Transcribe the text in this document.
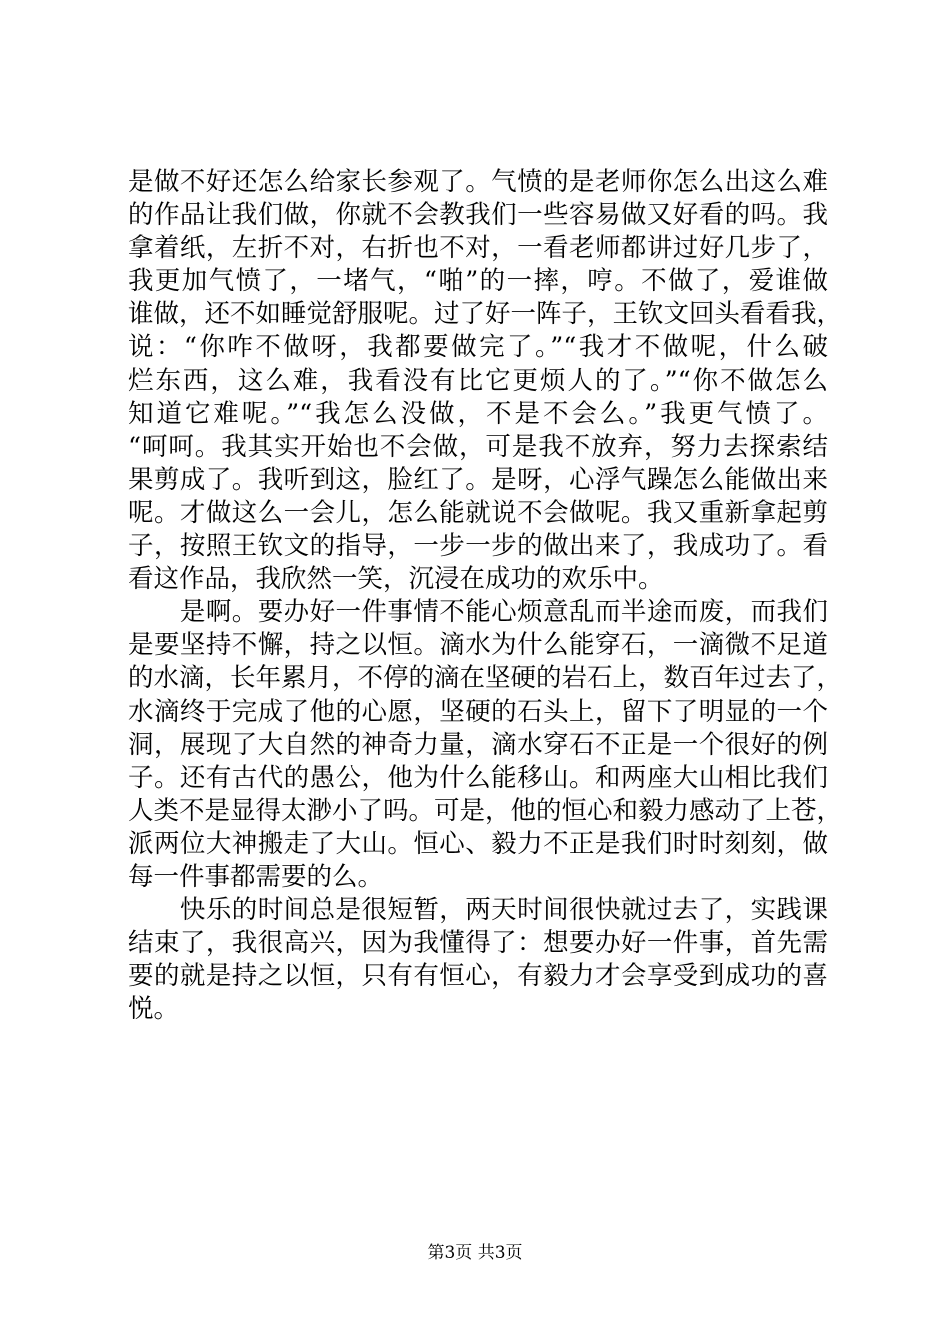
是做不好还怎么给家长参观了。气愤的是老师你怎么出这么难
的作品让我们做，你就不会教我们一些容易做又好看的吗。我
拿着纸，左折不对，右折也不对，一看老师都讲过好几步了，
我更加气愤了，一堵气，“啪”的一摔，哼。不做了，爱谁做
谁做，还不如睡觉舒服呢。过了好一阵子，王钦文回头看看我，
说：“你咋不做呀，我都要做完了。”“我才不做呢，什么破
烂东西，这么难，我看没有比它更烦人的了。”“你不做怎么
知道它难呢。”“我怎么没做，不是不会么。”我更气愤了。
“呵呵。我其实开始也不会做，可是我不放弃，努力去探索结
果剪成了。我听到这，脸红了。是呀，心浮气躁怎么能做出来
呢。才做这么一会儿，怎么能就说不会做呢。我又重新拿起剪
子，按照王钦文的指导，一步一步的做出来了，我成功了。看
看这作品，我欣然一笑，沉浸在成功的欢乐中。
　　是啊。要办好一件事情不能心烦意乱而半途而废，而我们
是要坚持不懈，持之以恒。滴水为什么能穿石，一滴微不足道
的水滴，长年累月，不停的滴在坚硬的岩石上，数百年过去了，
水滴终于完成了他的心愿，坚硬的石头上，留下了明显的一个
洞，展现了大自然的神奇力量，滴水穿石不正是一个很好的例
子。还有古代的愚公，他为什么能移山。和两座大山相比我们
人类不是显得太渺小了吗。可是，他的恒心和毅力感动了上苍，
派两位大神搬走了大山。恒心、毅力不正是我们时时刻刻，做
每一件事都需要的么。
　　快乐的时间总是很短暂，两天时间很快就过去了，实践课
结束了，我很高兴，因为我懂得了：想要办好一件事，首先需
要的就是持之以恒，只有有恒心，有毅力才会享受到成功的喜
悦。
第3页 共3页
